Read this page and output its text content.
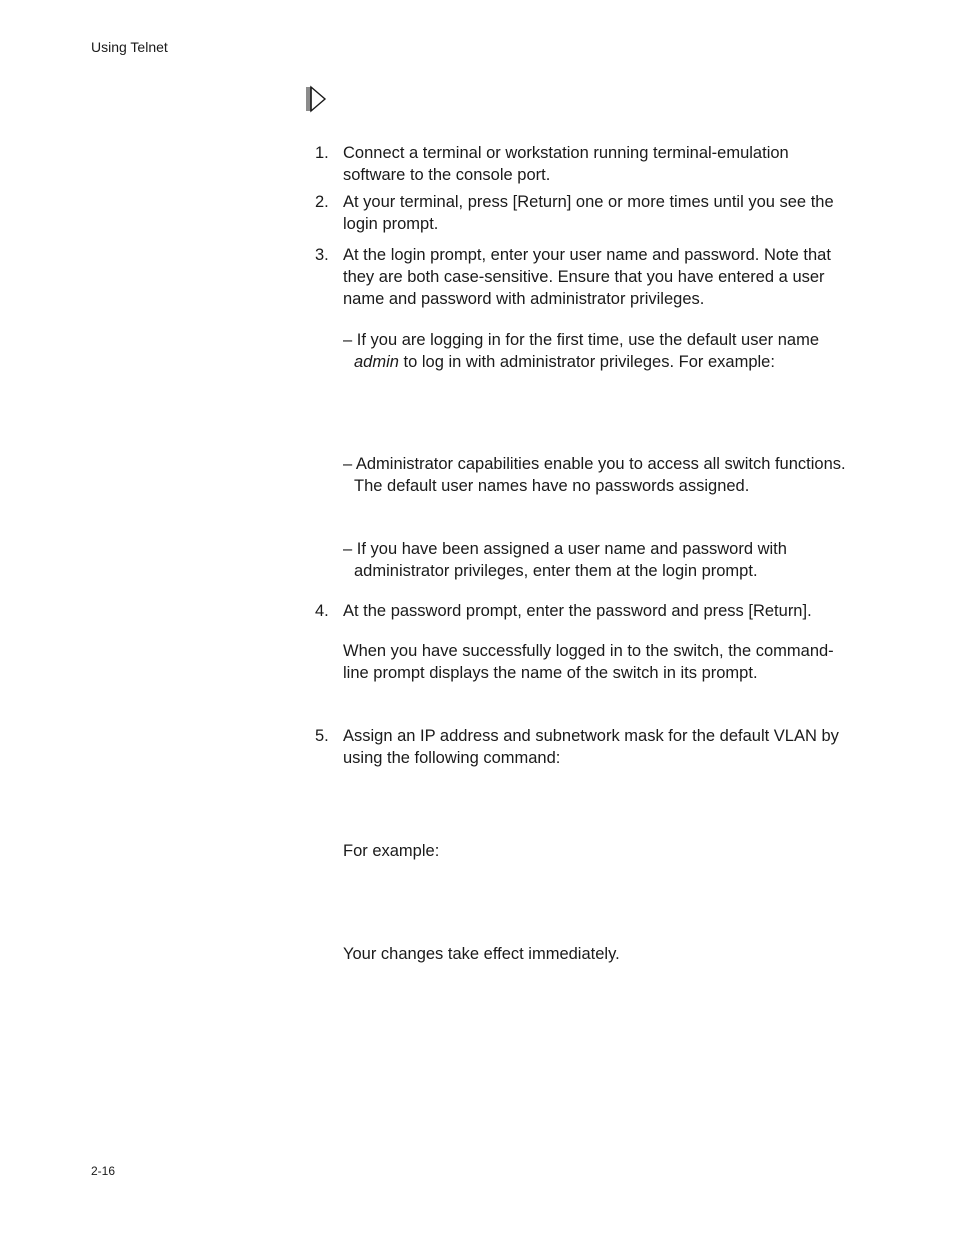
Using Telnet
1. Connect a terminal or workstation running terminal-emulation software to the console port.
2. At your terminal, press [Return] one or more times until you see the login prompt.
3. At the login prompt, enter your user name and password. Note that they are both case-sensitive. Ensure that you have entered a user name and password with administrator privileges.
– If you are logging in for the first time, use the default user name admin to log in with administrator privileges. For example:
– Administrator capabilities enable you to access all switch functions. The default user names have no passwords assigned.
– If you have been assigned a user name and password with administrator privileges, enter them at the login prompt.
4. At the password prompt, enter the password and press [Return].
When you have successfully logged in to the switch, the command-line prompt displays the name of the switch in its prompt.
5. Assign an IP address and subnetwork mask for the default VLAN by using the following command:
For example:
Your changes take effect immediately.
2-16
